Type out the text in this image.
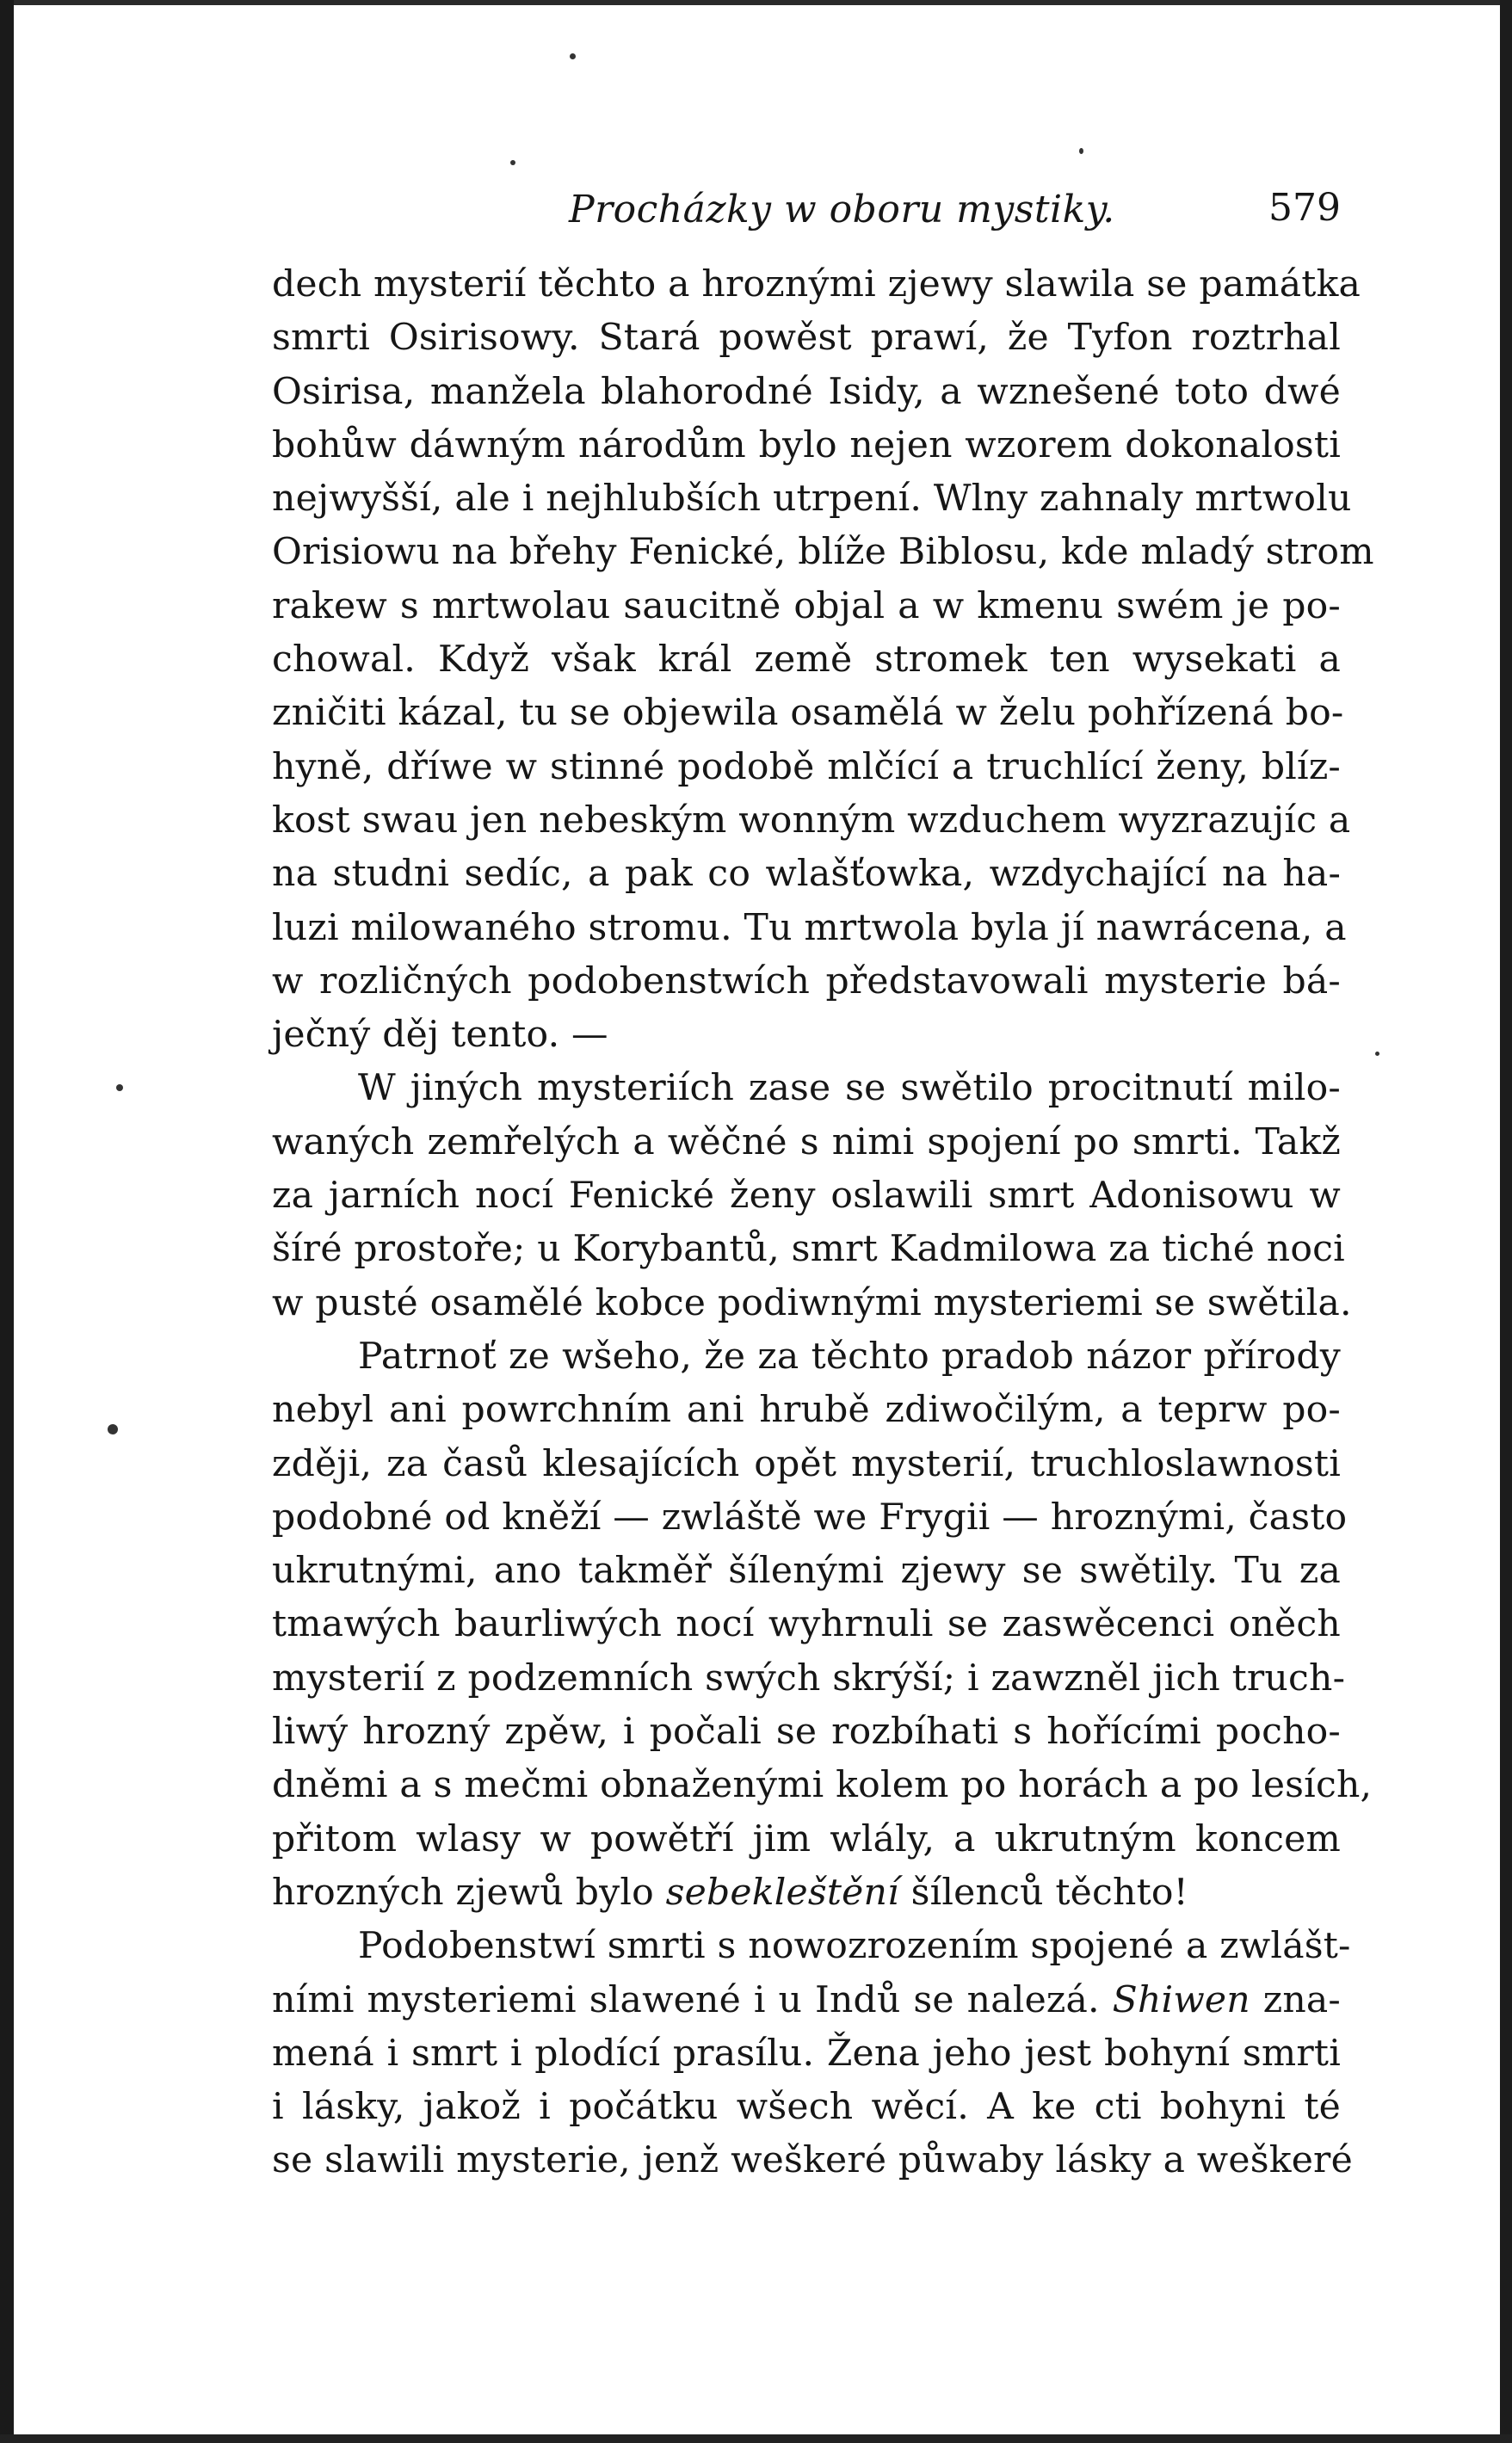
Procházky w oboru mystiky.	579

dech mysterií těchto a hroznými zjewy slawila se památka
smrti Osirisowy. Stará powěst prawí, že Tyfon roztrhal
Osirisa, manžela blahorodné Isidy, a wznešené toto dwé
bohůw dáwným národům bylo nejen wzorem dokonalosti
nejwyšší, ale i nejhlubších utrpení. Wlny zahnaly mrtwolu
Orisiowu na břehy Fenické, blíže Biblosu, kde mladý strom
rakew s mrtwolau saucitně objal a w kmenu swém je po-
chowal. Když však král země stromek ten wysekati a
zničiti kázal, tu se objewila osamělá w želu pohřízená bo-
hyně, dříwe w stinné podobě mlčící a truchlící ženy, blíz-
kost swau jen nebeským wonným wzduchem wyzrazujíc a
na studni sedíc, a pak co wlašťowka, wzdychající na ha-
luzi milowaného stromu. Tu mrtwola byla jí nawrácena, a
w rozličných podobenstwích představowali mysterie bá-
ječný děj tento. —

W jiných mysteriích zase se swětilo procitnutí milo-
waných zemřelých a wěčné s nimi spojení po smrti. Takž
za jarních nocí Fenické ženy oslawili smrt Adonisowu w
šíré prostoře; u Korybantů, smrt Kadmilowa za tiché noci
w pusté osamělé kobce podiwnými mysteriemi se swětila.

Patrnoť ze wšeho, že za těchto pradob názor přírody
nebyl ani powrchním ani hrubě zdiwočilým, a teprw po-
zději, za časů klesajících opět mysterií, truchloslawnosti
podobné od kněží — zwláště we Frygii — hroznými, často
ukrutnými, ano takměř šílenými zjewy se swětily. Tu za
tmawých baurliwých nocí wyhrnuli se zaswěcenci oněch
mysterií z podzemních swých skrýší; i zawzněl jich truch-
liwý hrozný zpěw, i počali se rozbíhati s hořícími pocho-
dněmi a s mečmi obnaženými kolem po horách a po lesích,
přitom wlasy w powětří jim wlály, a ukrutným koncem
hrozných zjewů bylo sebekleštění šílenců těchto!

Podobenstwí smrti s nowozrozením spojené a zwlášt-
ními mysteriemi slawené i u Indů se nalezá. Shiwen zna-
mená i smrt i plodící prasílu. Žena jeho jest bohyní smrti
i lásky, jakož i počátku wšech wěcí. A ke cti bohyni té
se slawili mysterie, jenž weškeré půwaby lásky a weškeré
